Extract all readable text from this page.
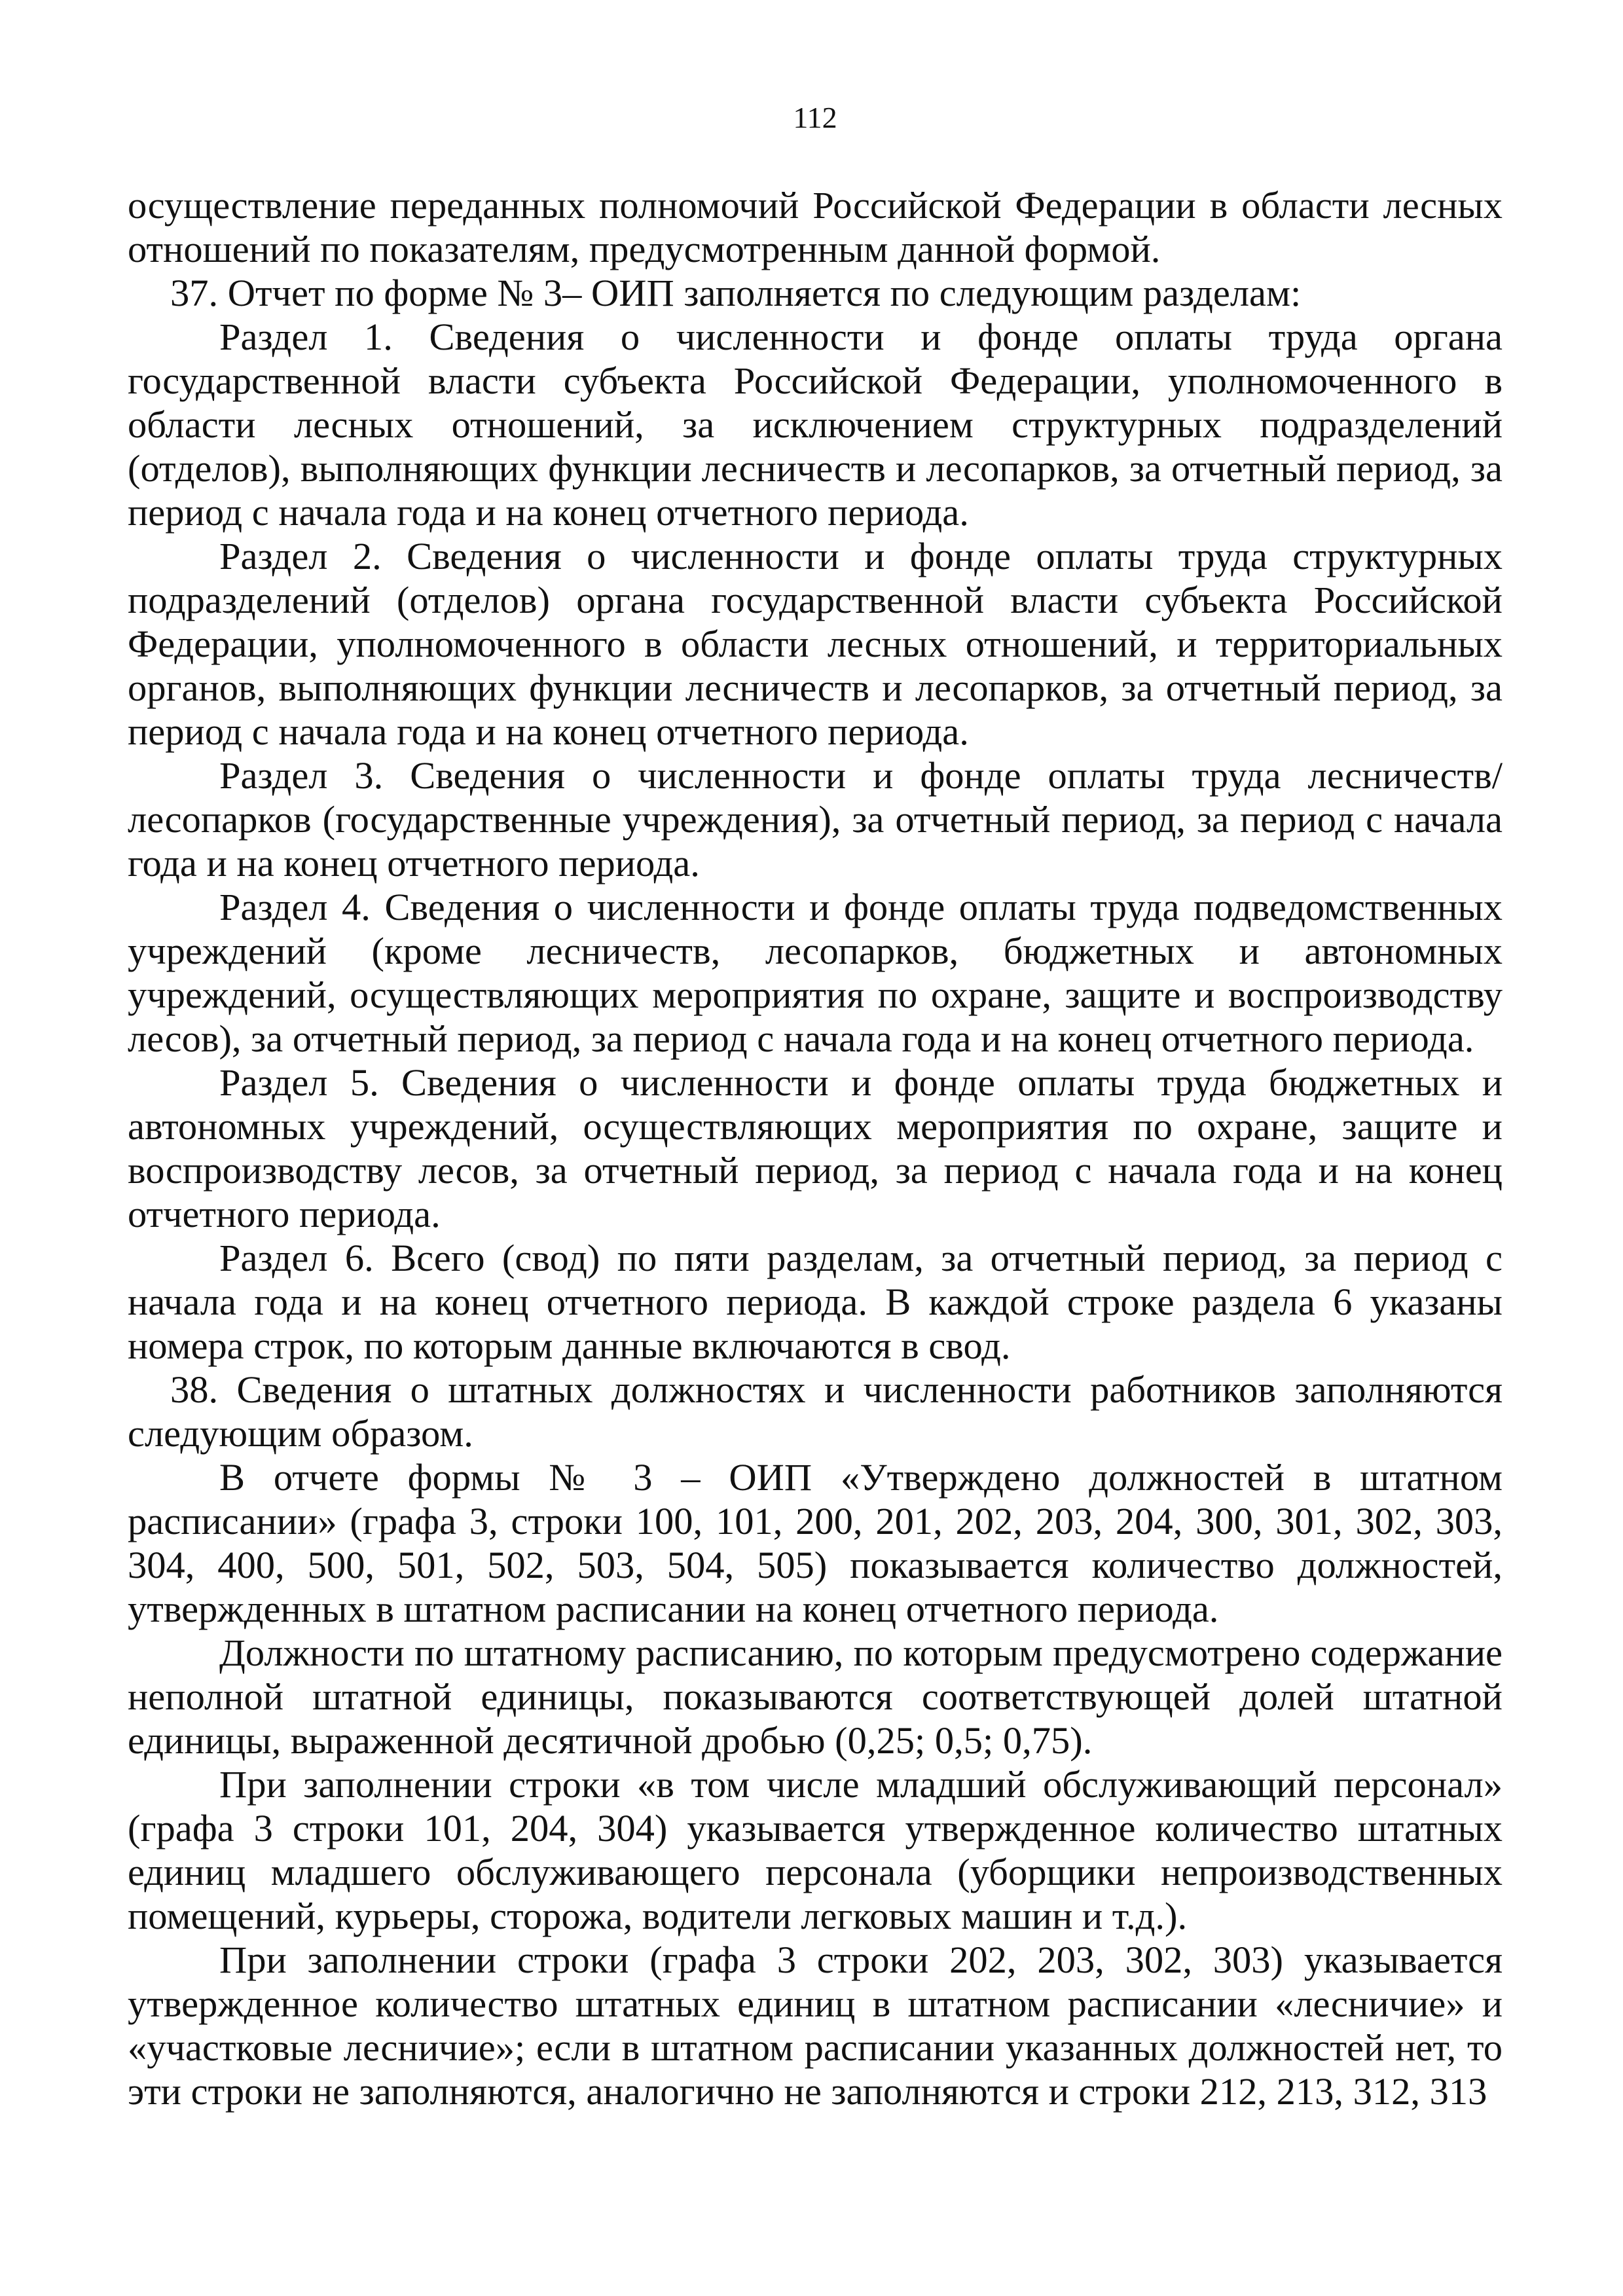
112

осуществление переданных полномочий Российской Федерации в области лесных отношений по показателям, предусмотренным данной формой.

37. Отчет по форме № 3– ОИП заполняется по следующим разделам:

Раздел 1. Сведения о численности и фонде оплаты труда органа государственной власти субъекта Российской Федерации, уполномоченного в области лесных отношений, за исключением структурных подразделений (отделов), выполняющих функции лесничеств и лесопарков, за отчетный период, за период с начала года и на конец отчетного периода.

Раздел 2. Сведения о численности и фонде оплаты труда структурных подразделений (отделов) органа государственной власти субъекта Российской Федерации, уполномоченного в области лесных отношений, и территориальных органов, выполняющих функции лесничеств и лесопарков, за отчетный период, за период с начала года и на конец отчетного периода.

Раздел 3. Сведения о численности и фонде оплаты труда лесничеств/лесопарков (государственные учреждения), за отчетный период, за период с начала года и на конец отчетного периода.

Раздел 4. Сведения о численности и фонде оплаты труда подведомственных учреждений (кроме лесничеств, лесопарков, бюджетных и автономных учреждений, осуществляющих мероприятия по охране, защите и воспроизводству лесов), за отчетный период, за период с начала года и на конец отчетного периода.

Раздел 5. Сведения о численности и фонде оплаты труда бюджетных и автономных учреждений, осуществляющих мероприятия по охране, защите и воспроизводству лесов, за отчетный период, за период с начала года и на конец отчетного периода.

Раздел 6. Всего (свод) по пяти разделам, за отчетный период, за период с начала года и на конец отчетного периода. В каждой строке раздела 6 указаны номера строк, по которым данные включаются в свод.

38. Сведения о штатных должностях и численности работников заполняются следующим образом.

В отчете формы № 3 – ОИП «Утверждено должностей в штатном расписании» (графа 3, строки 100, 101, 200, 201, 202, 203, 204, 300, 301, 302, 303, 304, 400, 500, 501, 502, 503, 504, 505) показывается количество должностей, утвержденных в штатном расписании на конец отчетного периода.

Должности по штатному расписанию, по которым предусмотрено содержание неполной штатной единицы, показываются соответствующей долей штатной единицы, выраженной десятичной дробью (0,25; 0,5; 0,75).

При заполнении строки «в том числе младший обслуживающий персонал» (графа 3 строки 101, 204, 304) указывается утвержденное количество штатных единиц младшего обслуживающего персонала (уборщики непроизводственных помещений, курьеры, сторожа, водители легковых машин и т.д.).

При заполнении строки (графа 3 строки 202, 203, 302, 303) указывается утвержденное количество штатных единиц в штатном расписании «лесничие» и «участковые лесничие»; если в штатном расписании указанных должностей нет, то эти строки не заполняются, аналогично не заполняются и строки 212, 213, 312, 313
